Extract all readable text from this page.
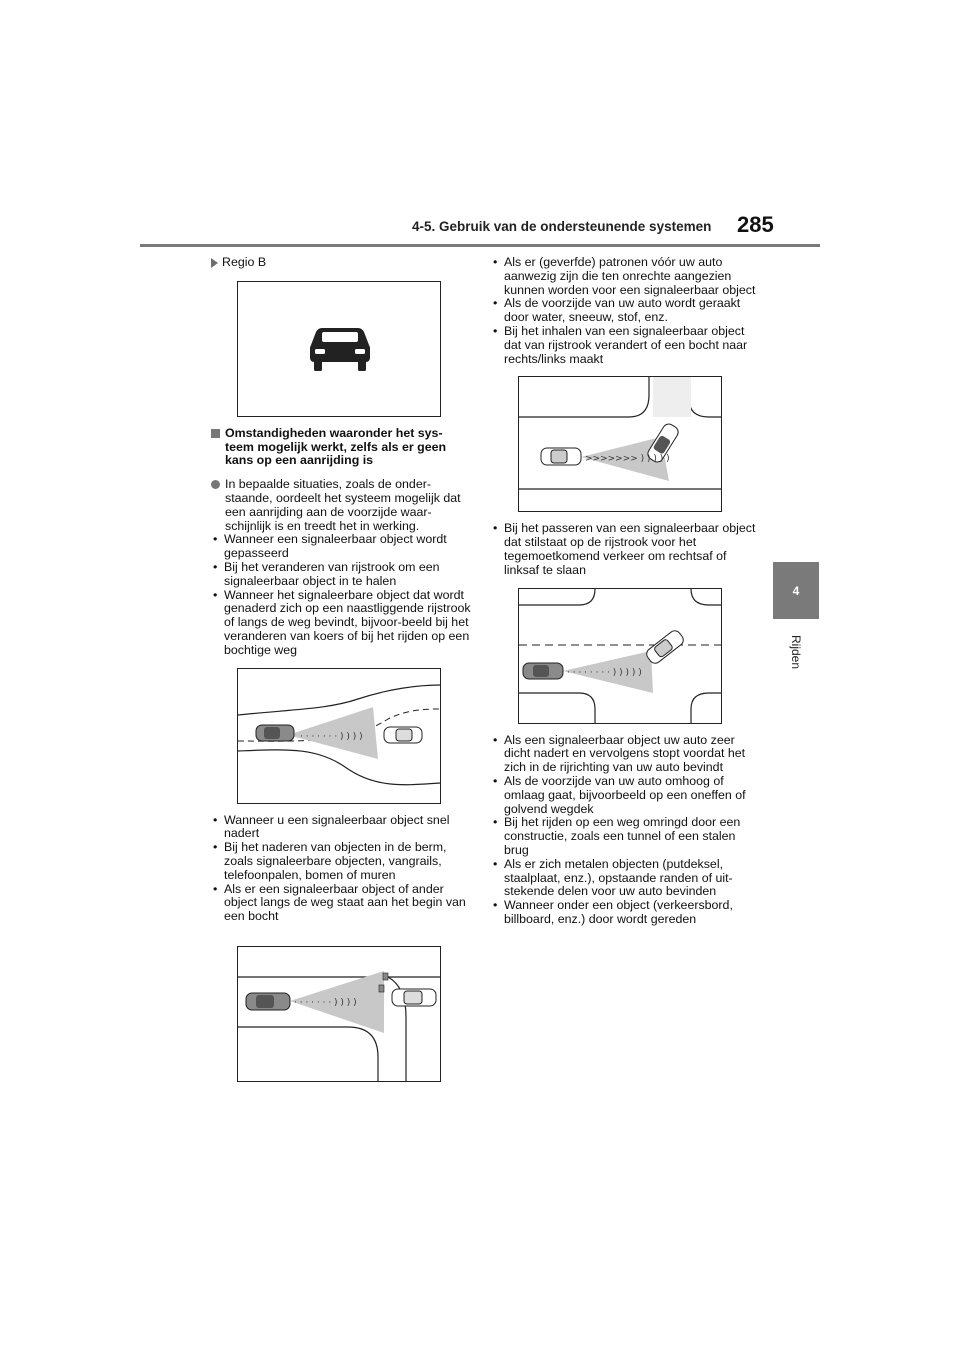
4-5. Gebruik van de ondersteunende systemen 285
4
Rijden
Regio B
Omstandigheden waaronder het sys-teem mogelijk werkt, zelfs als er geen kans op een aanrijding is
In bepaalde situaties, zoals de onder-staande, oordeelt het systeem mogelijk dat een aanrijding aan de voorzijde waar-schijnlijk is en treedt het in werking.
• Wanneer een signaleerbaar object wordt gepasseerd
• Bij het veranderen van rijstrook om een signaleerbaar object in te halen
• Wanneer het signaleerbare object dat wordt genaderd zich op een naastliggende rijstrook of langs de weg bevindt, bijvoor-beeld bij het veranderen van koers of bij het rijden op een bochtige weg
· · · · · · · ) ) ) )
• Wanneer u een signaleerbaar object snel nadert
• Bij het naderen van objecten in de berm, zoals signaleerbare objecten, vangrails, telefoonpalen, bomen of muren
• Als er een signaleerbaar object of ander object langs de weg staat aan het begin van een bocht
· · · · · · · ) ) ) )
• Als er (geverfde) patronen vóór uw auto aanwezig zijn die ten onrechte aangezien kunnen worden voor een signaleerbaar object
• Als de voorzijde van uw auto wordt geraakt door water, sneeuw, stof, enz.
• Bij het inhalen van een signaleerbaar object dat van rijstrook verandert of een bocht naar rechts/links maakt
>>>>>>> ) ) ) ) )
• Bij het passeren van een signaleerbaar object dat stilstaat op de rijstrook voor het tegemoetkomend verkeer om rechtsaf of linksaf te slaan
· · · · · · · · ) ) ) ) )
• Als een signaleerbaar object uw auto zeer dicht nadert en vervolgens stopt voordat het zich in de rijrichting van uw auto bevindt
• Als de voorzijde van uw auto omhoog of omlaag gaat, bijvoorbeeld op een oneffen of golvend wegdek
• Bij het rijden op een weg omringd door een constructie, zoals een tunnel of een stalen brug
• Als er zich metalen objecten (putdeksel, staalplaat, enz.), opstaande randen of uit-stekende delen voor uw auto bevinden
• Wanneer onder een object (verkeersbord, billboard, enz.) door wordt gereden
